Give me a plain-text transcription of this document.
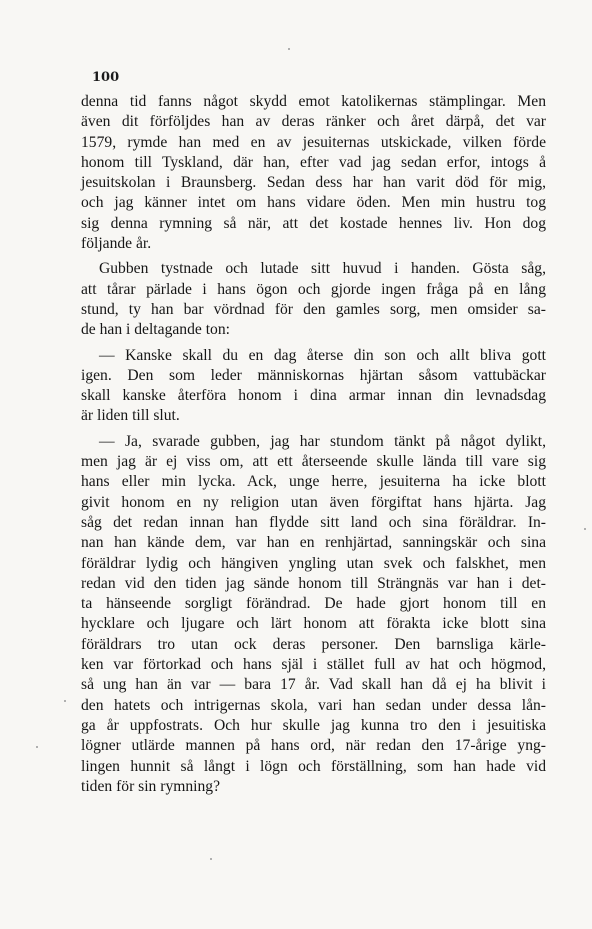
100
denna tid fanns något skydd emot katolikernas stämplingar. Men
även dit förföljdes han av deras ränker och året därpå, det var
1579, rymde han med en av jesuiternas utskickade, vilken förde
honom till Tyskland, där han, efter vad jag sedan erfor, intogs å
jesuitskolan i Braunsberg. Sedan dess har han varit död för mig,
och jag känner intet om hans vidare öden. Men min hustru tog
sig denna rymning så när, att det kostade hennes liv. Hon dog
följande år.
Gubben tystnade och lutade sitt huvud i handen. Gösta såg,
att tårar pärlade i hans ögon och gjorde ingen fråga på en lång
stund, ty han bar vördnad för den gamles sorg, men omsider sa-
de han i deltagande ton:
— Kanske skall du en dag återse din son och allt bliva gott
igen. Den som leder människornas hjärtan såsom vattubäckar
skall kanske återföra honom i dina armar innan din levnadsdag
är liden till slut.
— Ja, svarade gubben, jag har stundom tänkt på något dylikt,
men jag är ej viss om, att ett återseende skulle lända till vare sig
hans eller min lycka. Ack, unge herre, jesuiterna ha icke blott
givit honom en ny religion utan även förgiftat hans hjärta. Jag
såg det redan innan han flydde sitt land och sina föräldrar. In-
nan han kände dem, var han en renhjärtad, sanningskär och sina
föräldrar lydig och hängiven yngling utan svek och falskhet, men
redan vid den tiden jag sände honom till Strängnäs var han i det-
ta hänseende sorgligt förändrad. De hade gjort honom till en
hycklare och ljugare och lärt honom att förakta icke blott sina
föräldrars tro utan ock deras personer. Den barnsliga kärle-
ken var förtorkad och hans själ i stället full av hat och högmod,
så ung han än var — bara 17 år. Vad skall han då ej ha blivit i
den hatets och intrigernas skola, vari han sedan under dessa lån-
ga år uppfostrats. Och hur skulle jag kunna tro den i jesuitiska
lögner utlärde mannen på hans ord, när redan den 17-årige yng-
lingen hunnit så långt i lögn och förställning, som han hade vid
tiden för sin rymning?
